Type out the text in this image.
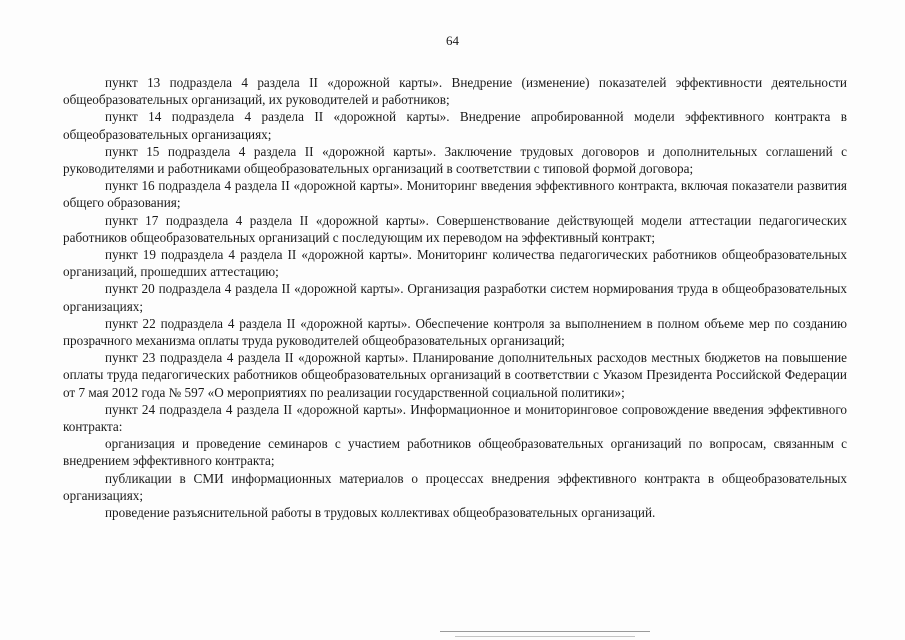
64

пункт 13 подраздела 4 раздела II «дорожной карты». Внедрение (изменение) показателей эффективности деятельности общеобразовательных организаций, их руководителей и работников;

пункт 14 подраздела 4 раздела II «дорожной карты». Внедрение апробированной модели эффективного контракта в общеобразовательных организациях;

пункт 15 подраздела 4 раздела II «дорожной карты». Заключение трудовых договоров и дополнительных соглашений с руководителями и работниками общеобразовательных организаций в соответствии с типовой формой договора;

пункт 16 подраздела 4 раздела II «дорожной карты». Мониторинг введения эффективного контракта, включая показатели развития общего образования;

пункт 17 подраздела 4 раздела II «дорожной карты». Совершенствование действующей модели аттестации педагогических работников общеобразовательных организаций с последующим их переводом на эффективный контракт;

пункт 19 подраздела 4 раздела II «дорожной карты». Мониторинг количества педагогических работников общеобразовательных организаций, прошедших аттестацию;

пункт 20 подраздела 4 раздела II «дорожной карты». Организация разработки систем нормирования труда в общеобразовательных организациях;

пункт 22 подраздела 4 раздела II «дорожной карты». Обеспечение контроля за выполнением в полном объеме мер по созданию прозрачного механизма оплаты труда руководителей общеобразовательных организаций;

пункт 23 подраздела 4 раздела II «дорожной карты». Планирование дополнительных расходов местных бюджетов на повышение оплаты труда педагогических работников общеобразовательных организаций в соответствии с Указом Президента Российской Федерации от 7 мая 2012 года № 597 «О мероприятиях по реализации государственной социальной политики»;

пункт 24 подраздела 4 раздела II «дорожной карты». Информационное и мониторинговое сопровождение введения эффективного контракта:

организация и проведение семинаров с участием работников общеобразовательных организаций по вопросам, связанным с внедрением эффективного контракта;

публикации в СМИ информационных материалов о процессах внедрения эффективного контракта в общеобразовательных организациях;

проведение разъяснительной работы в трудовых коллективах общеобразовательных организаций.
